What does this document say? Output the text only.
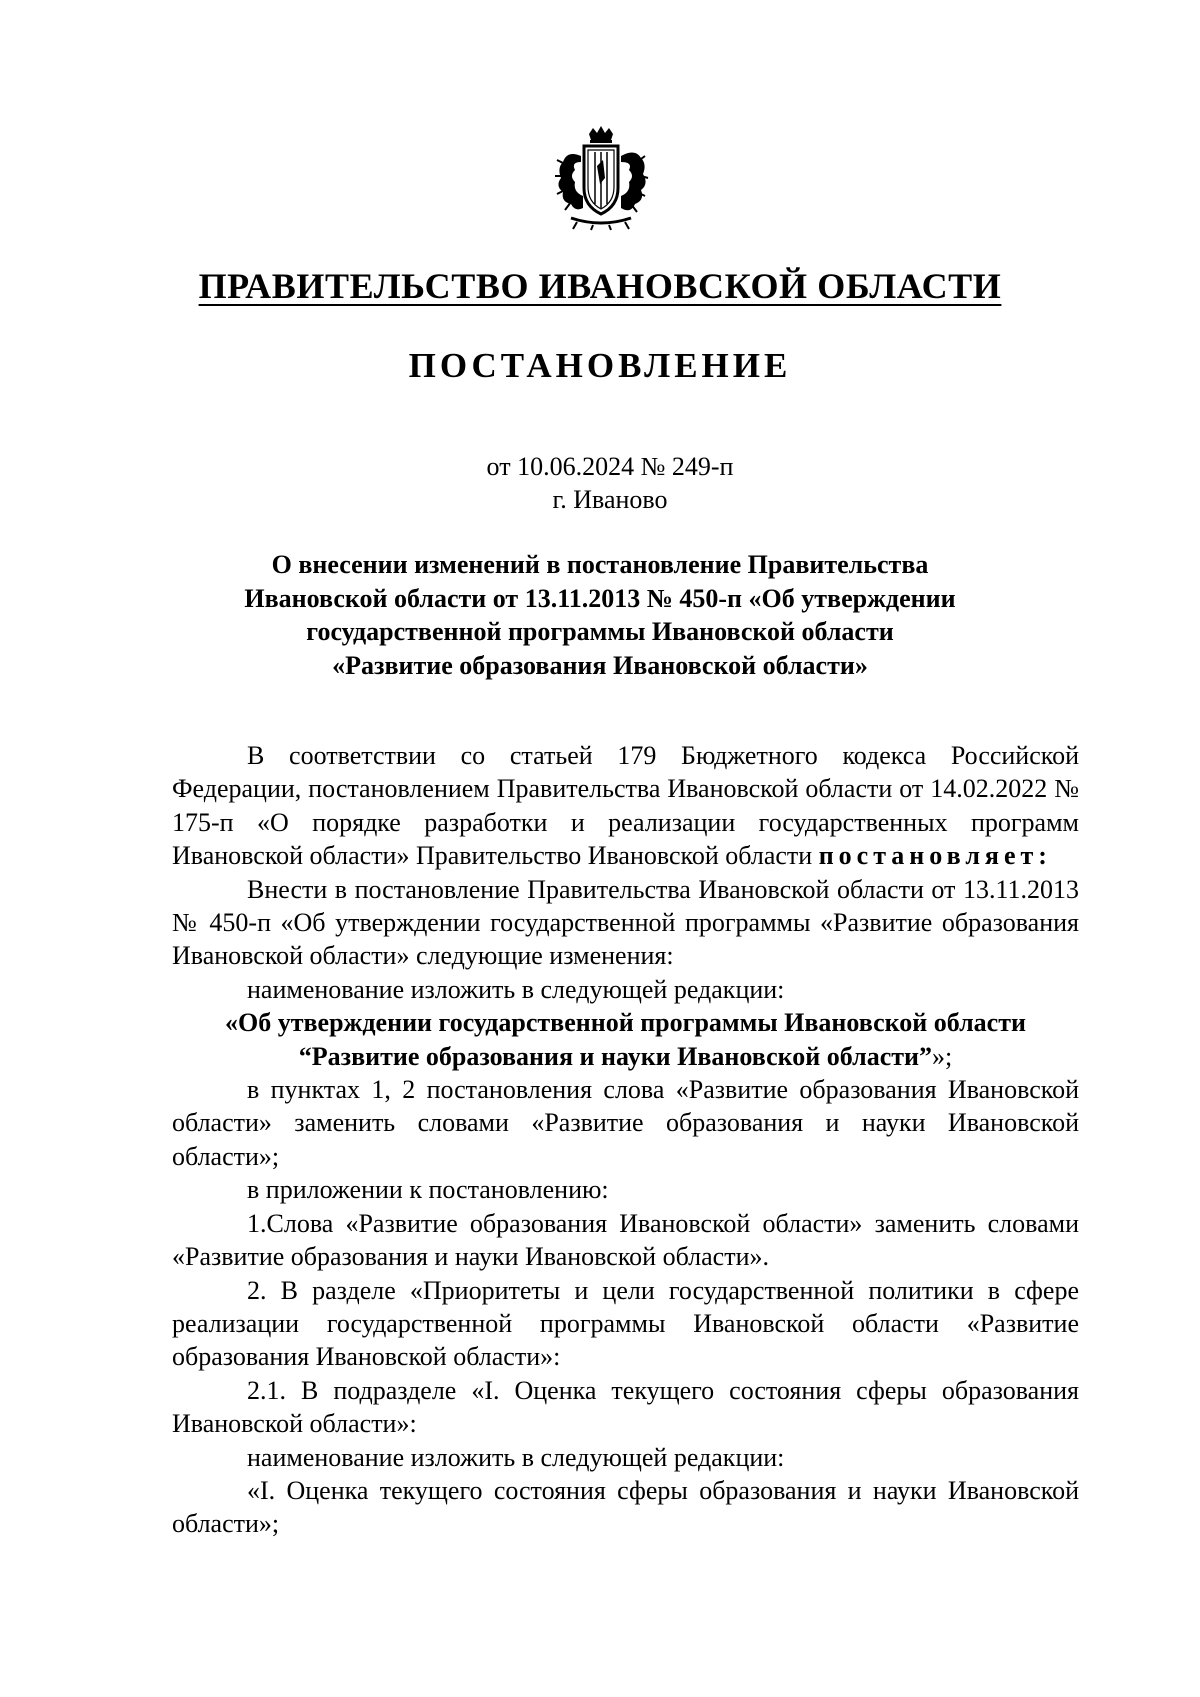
ПРАВИТЕЛЬСТВО ИВАНОВСКОЙ ОБЛАСТИ
ПОСТАНОВЛЕНИЕ
от 10.06.2024 № 249-п
г. Иваново
О внесении изменений в постановление Правительства
Ивановской области от 13.11.2013 № 450-п «Об утверждении
государственной программы Ивановской области
«Развитие образования Ивановской области»

В соответствии со статьей 179 Бюджетного кодекса Российской Федерации, постановлением Правительства Ивановской области от 14.02.2022 № 175-п «О порядке разработки и реализации государственных программ Ивановской области» Правительство Ивановской области постановляет:

Внести в постановление Правительства Ивановской области от 13.11.2013 № 450-п «Об утверждении государственной программы «Развитие образования Ивановской области» следующие изменения:

наименование изложить в следующей редакции:

«Об утверждении государственной программы Ивановской области
“Развитие образования и науки Ивановской области”»;

в пунктах 1, 2 постановления слова «Развитие образования Ивановской области» заменить словами «Развитие образования и науки Ивановской области»;

в приложении к постановлению:

1.Слова «Развитие образования Ивановской области» заменить словами «Развитие образования и науки Ивановской области».

2. В разделе «Приоритеты и цели государственной политики в сфере реализации государственной программы Ивановской области «Развитие образования Ивановской области»:

2.1. В подразделе «I. Оценка текущего состояния сферы образования Ивановской области»:

наименование изложить в следующей редакции:

«I. Оценка текущего состояния сферы образования и науки Ивановской области»;
